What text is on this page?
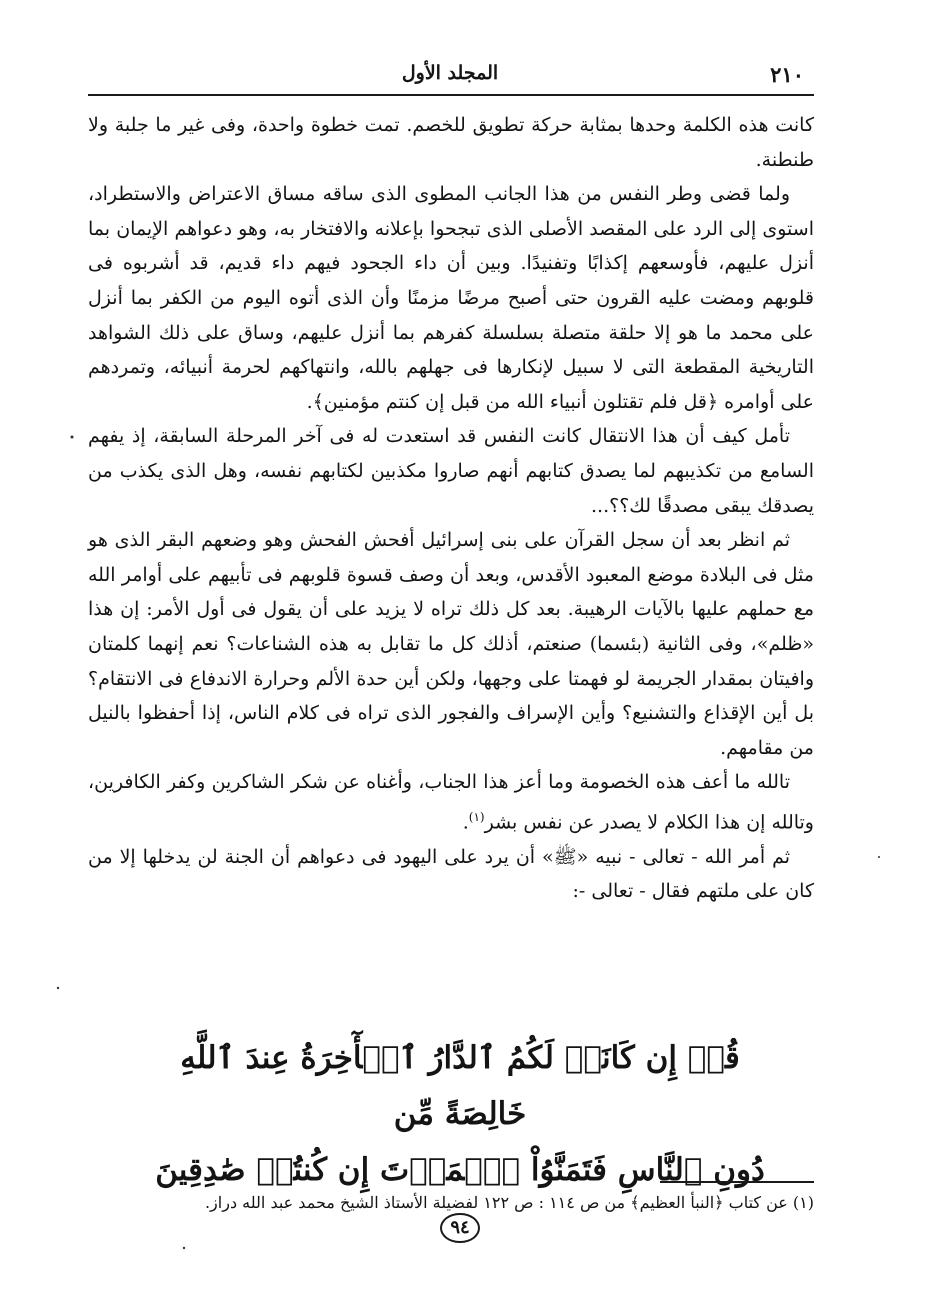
٢١٠
المجلد الأول

كانت هذه الكلمة وحدها بمثابة حركة تطويق للخصم. تمت خطوة واحدة، وفى غير ما جلبة ولا طنطنة.

ولما قضى وطر النفس من هذا الجانب المطوى الذى ساقه مساق الاعتراض والاستطراد، استوى إلى الرد على المقصد الأصلى الذى تبجحوا بإعلانه والافتخار به، وهو دعواهم الإيمان بما أنزل عليهم، فأوسعهم إكذابًا وتفنيدًا. وبين أن داء الجحود فيهم داء قديم، قد أشربوه فى قلوبهم ومضت عليه القرون حتى أصبح مرضًا مزمنًا وأن الذى أتوه اليوم من الكفر بما أنزل على محمد ما هو إلا حلقة متصلة بسلسلة كفرهم بما أنزل عليهم، وساق على ذلك الشواهد التاريخية المقطعة التى لا سبيل لإنكارها فى جهلهم بالله، وانتهاكهم لحرمة أنبيائه، وتمردهم على أوامره ﴿قل فلم تقتلون أنبياء الله من قبل إن كنتم مؤمنين﴾.

تأمل كيف أن هذا الانتقال كانت النفس قد استعدت له فى آخر المرحلة السابقة، إذ يفهم السامع من تكذيبهم لما يصدق كتابهم أنهم صاروا مكذبين لكتابهم نفسه، وهل الذى يكذب من يصدقك يبقى مصدقًا لك؟؟...

ثم انظر بعد أن سجل القرآن على بنى إسرائيل أفحش الفحش وهو وضعهم البقر الذى هو مثل فى البلادة موضع المعبود الأقدس، وبعد أن وصف قسوة قلوبهم فى تأبيهم على أوامر الله مع حملهم عليها بالآيات الرهيبة. بعد كل ذلك تراه لا يزيد على أن يقول فى أول الأمر: إن هذا «ظلم»، وفى الثانية (بئسما) صنعتم، أذلك كل ما تقابل به هذه الشناعات؟ نعم إنهما كلمتان وافيتان بمقدار الجريمة لو فهمتا على وجهها، ولكن أين حدة الألم وحرارة الاندفاع فى الانتقام؟ بل أين الإقذاع والتشنيع؟ وأين الإسراف والفجور الذى تراه فى كلام الناس، إذا أحفظوا بالنيل من مقامهم.

تالله ما أعف هذه الخصومة وما أعز هذا الجناب، وأغناه عن شكر الشاكرين وكفر الكافرين، وتالله إن هذا الكلام لا يصدر عن نفس بشر$^{(١)}$.

ثم أمر الله - تعالى - نبيه «ﷺ» أن يرد على اليهود فى دعواهم أن الجنة لن يدخلها إلا من كان على ملتهم فقال - تعالى -:

قُلۡ إِن كَانَتۡ لَكُمُ ٱلدَّارُ ٱلۡأٓخِرَةُ عِندَ ٱللَّهِ خَالِصَةً مِّن
دُونِ ٱلنَّاسِ فَتَمَنَّوُاْ ٱلۡمَوۡتَ إِن كُنتُمۡ صَٰدِقِينَ ٩٤
(١) عن كتاب ﴿النبأ العظيم﴾ من ص ١١٤ : ص ١٢٢ لفضيلة الأستاذ الشيخ محمد عبد الله دراز.
